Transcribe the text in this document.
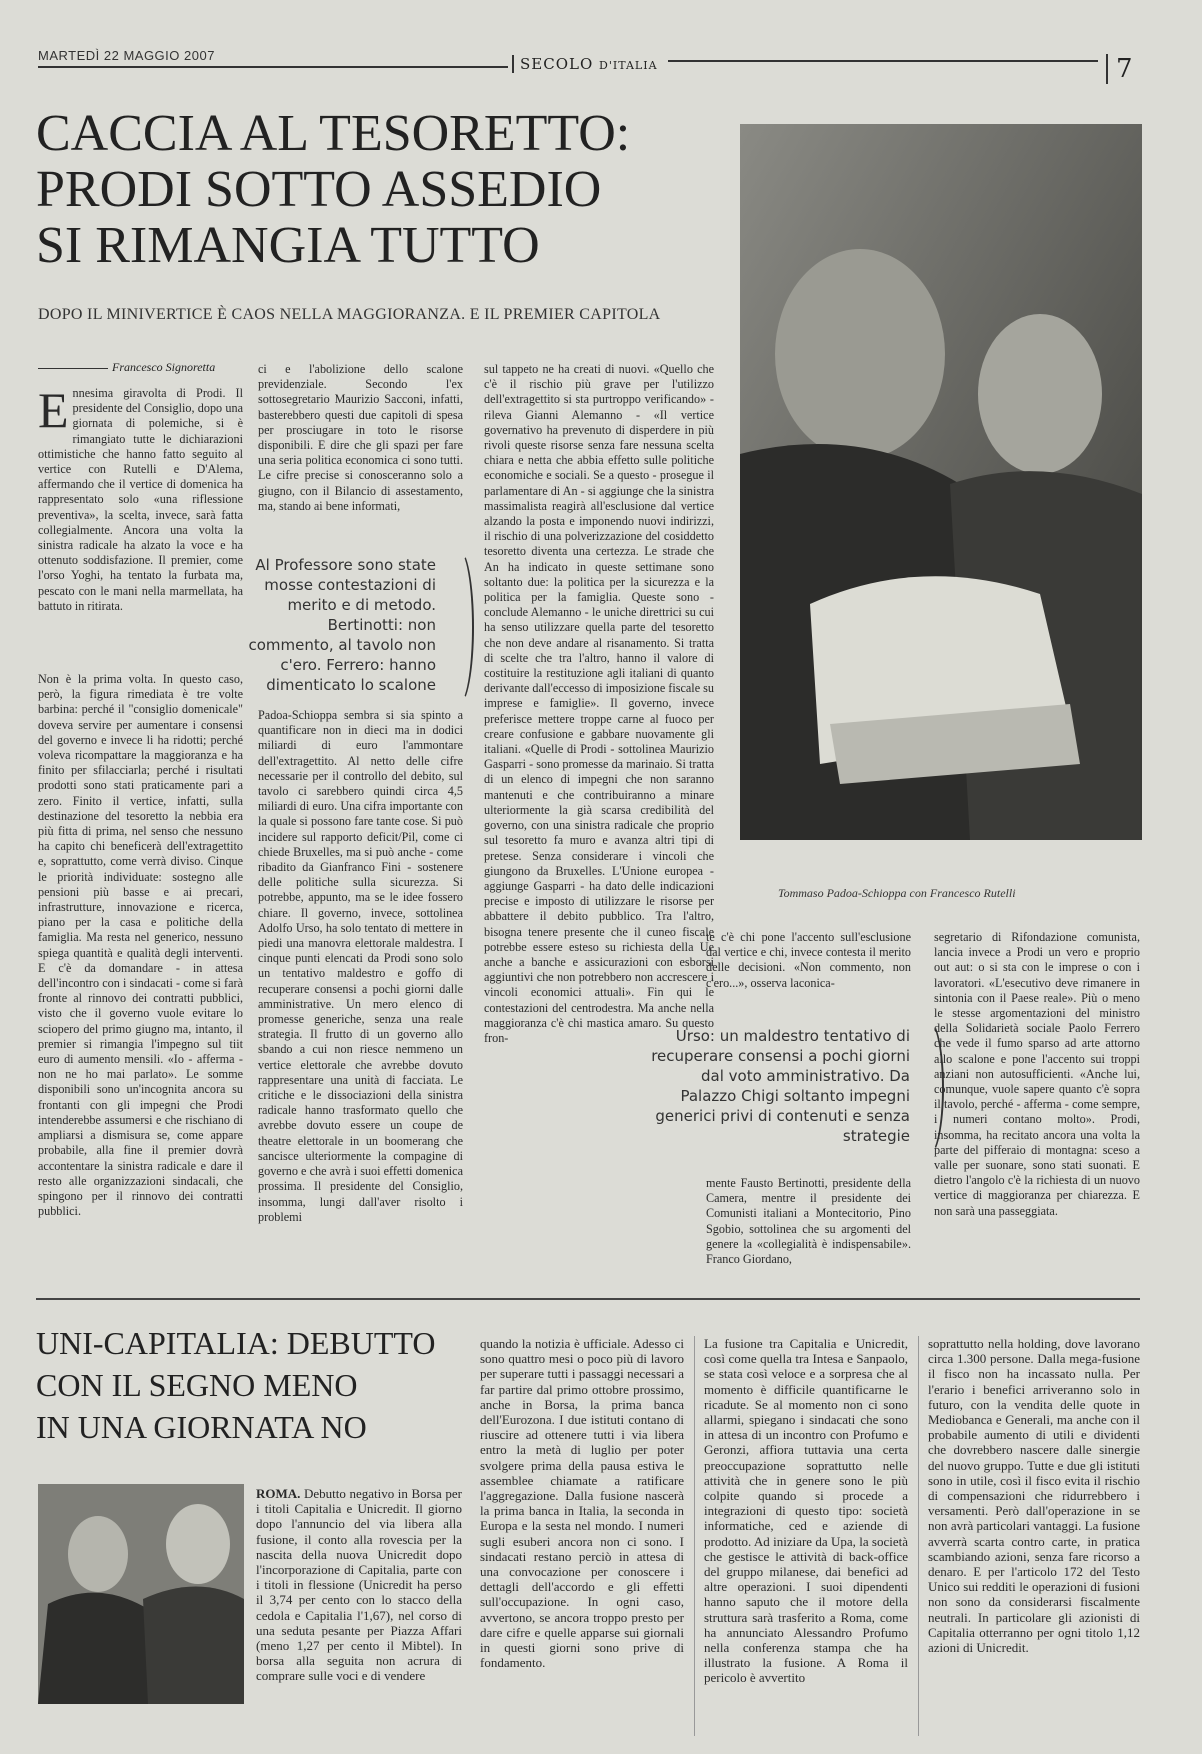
MARTEDÌ 22 MAGGIO 2007	SECOLO D'ITALIA	7
CACCIA AL TESORETTO:
PRODI SOTTO ASSEDIO
SI RIMANGIA TUTTO
DOPO IL MINIVERTICE È CAOS NELLA MAGGIORANZA. E IL PREMIER CAPITOLA
Tommaso Padoa-Schioppa con Francesco Rutelli
Francesco Signoretta
Ennesima giravolta di Prodi. Il presidente del Consiglio, dopo una giornata di polemiche, si è rimangiato tutte le dichiarazioni ottimistiche che hanno fatto seguito al vertice con Rutelli e D'Alema, affermando che il vertice di domenica ha rappresentato solo «una riflessione preventiva», la scelta, invece, sarà fatta collegialmente. Ancora una volta la sinistra radicale ha alzato la voce e ha ottenuto soddisfazione. Il premier, come l'orso Yoghi, ha tentato la furbata ma, pescato con le mani nella marmellata, ha battuto in ritirata.
Non è la prima volta. In questo caso, però, la figura rimediata è tre volte barbina: perché il "consiglio domenicale" doveva servire per aumentare i consensi del governo e invece li ha ridotti; perché voleva ricompattare la maggioranza e ha finito per sfilacciarla; perché i risultati prodotti sono stati praticamente pari a zero. Finito il vertice, infatti, sulla destinazione del tesoretto la nebbia era più fitta di prima, nel senso che nessuno ha capito chi beneficerà dell'extragettito e, soprattutto, come verrà diviso. Cinque le priorità individuate: sostegno alle pensioni più basse e ai precari, infrastrutture, innovazione e ricerca, piano per la casa e politiche della famiglia. Ma resta nel generico, nessuno spiega quantità e qualità degli interventi. E c'è da domandare - in attesa dell'incontro con i sindacati - come si farà fronte al rinnovo dei contratti pubblici, visto che il governo vuole evitare lo sciopero del primo giugno ma, intanto, il premier si rimangia l'impegno sul tiit euro di aumento mensili. «Io - afferma - non ne ho mai parlato». Le somme disponibili sono un'incognita ancora su frontanti con gli impegni che Prodi intenderebbe assumersi e che rischiano di ampliarsi a dismisura se, come appare probabile, alla fine il premier dovrà accontentare la sinistra radicale e dare il resto alle organizzazioni sindacali, che spingono per il rinnovo dei contratti pubblici.
ci e l'abolizione dello scalone previdenziale. Secondo l'ex sottosegretario Maurizio Sacconi, infatti, basterebbero questi due capitoli di spesa per prosciugare in toto le risorse disponibili. E dire che gli spazi per fare una seria politica economica ci sono tutti. Le cifre precise si conosceranno solo a giugno, con il Bilancio di assestamento, ma, stando ai bene informati,
Padoa-Schioppa sembra si sia spinto a quantificare non in dieci ma in dodici miliardi di euro l'ammontare dell'extragettito. Al netto delle cifre necessarie per il controllo del debito, sul tavolo ci sarebbero quindi circa 4,5 miliardi di euro. Una cifra importante con la quale si possono fare tante cose. Si può incidere sul rapporto deficit/Pil, come ci chiede Bruxelles, ma si può anche - come ribadito da Gianfranco Fini - sostenere delle politiche sulla sicurezza. Si potrebbe, appunto, ma se le idee fossero chiare. Il governo, invece, sottolinea Adolfo Urso, ha solo tentato di mettere in piedi una manovra elettorale maldestra. I cinque punti elencati da Prodi sono solo un tentativo maldestro e goffo di recuperare consensi a pochi giorni dalle amministrative. Un mero elenco di promesse generiche, senza una reale strategia. Il frutto di un governo allo sbando a cui non riesce nemmeno un vertice elettorale che avrebbe dovuto rappresentare una unità di facciata. Le critiche e le dissociazioni della sinistra radicale hanno trasformato quello che avrebbe dovuto essere un coupe de theatre elettorale in un boomerang che sancisce ulteriormente la compagine di governo e che avrà i suoi effetti domenica prossima. Il presidente del Consiglio, insomma, lungi dall'aver risolto i problemi
Al Professore sono state mosse contestazioni di merito e di metodo. Bertinotti: non commento, al tavolo non c'ero. Ferrero: hanno dimenticato lo scalone
sul tappeto ne ha creati di nuovi. «Quello che c'è il rischio più grave per l'utilizzo dell'extragettito si sta purtroppo verificando» - rileva Gianni Alemanno - «Il vertice governativo ha prevenuto di disperdere in più rivoli queste risorse senza fare nessuna scelta chiara e netta che abbia effetto sulle politiche economiche e sociali. Se a questo - prosegue il parlamentare di An - si aggiunge che la sinistra massimalista reagirà all'esclusione dal vertice alzando la posta e imponendo nuovi indirizzi, il rischio di una polverizzazione del cosiddetto tesoretto diventa una certezza. Le strade che An ha indicato in queste settimane sono soltanto due: la politica per la sicurezza e la politica per la famiglia. Queste sono - conclude Alemanno - le uniche direttrici su cui ha senso utilizzare quella parte del tesoretto che non deve andare al risanamento. Si tratta di scelte che tra l'altro, hanno il valore di costituire la restituzione agli italiani di quanto derivante dall'eccesso di imposizione fiscale su imprese e famiglie». Il governo, invece preferisce mettere troppe carne al fuoco per creare confusione e gabbare nuovamente gli italiani. «Quelle di Prodi - sottolinea Maurizio Gasparri - sono promesse da marinaio. Si tratta di un elenco di impegni che non saranno mantenuti e che contribuiranno a minare ulteriormente la già scarsa credibilità del governo, con una sinistra radicale che proprio sul tesoretto fa muro e avanza altri tipi di pretese. Senza considerare i vincoli che giungono da Bruxelles. L'Unione europea - aggiunge Gasparri - ha dato delle indicazioni precise e imposto di utilizzare le risorse per abbattere il debito pubblico. Tra l'altro, bisogna tenere presente che il cuneo fiscale potrebbe essere esteso su richiesta della Ue anche a banche e assicurazioni con esborsi aggiuntivi che non potrebbero non accrescere i vincoli economici attuali». Fin qui le contestazioni del centrodestra. Ma anche nella maggioranza c'è chi mastica amaro. Su questo fron-
te c'è chi pone l'accento sull'esclusione dal vertice e chi, invece contesta il merito delle decisioni. «Non commento, non c'ero...», osserva laconica-
Urso: un maldestro tentativo di recuperare consensi a pochi giorni dal voto amministrativo. Da Palazzo Chigi soltanto impegni generici privi di contenuti e senza strategie
mente Fausto Bertinotti, presidente della Camera, mentre il presidente dei Comunisti italiani a Montecitorio, Pino Sgobio, sottolinea che su argomenti del genere la «collegialità è indispensabile». Franco Giordano,
segretario di Rifondazione comunista, lancia invece a Prodi un vero e proprio out aut: o si sta con le imprese o con i lavoratori. «L'esecutivo deve rimanere in sintonia con il Paese reale». Più o meno le stesse argomentazioni del ministro della Solidarietà sociale Paolo Ferrero che vede il fumo sparso ad arte attorno allo scalone e pone l'accento sui troppi anziani non autosufficienti. «Anche lui, comunque, vuole sapere quanto c'è sopra il tavolo, perché - afferma - come sempre, i numeri contano molto». Prodi, insomma, ha recitato ancora una volta la parte del pifferaio di montagna: sceso a valle per suonare, sono stati suonati. E dietro l'angolo c'è la richiesta di un nuovo vertice di maggioranza per chiarezza. E non sarà una passeggiata.
UNI-CAPITALIA: DEBUTTO
CON IL SEGNO MENO
IN UNA GIORNATA NO
ROMA. Debutto negativo in Borsa per i titoli Capitalia e Unicredit. Il giorno dopo l'annuncio del via libera alla fusione, il conto alla rovescia per la nascita della nuova Unicredit dopo l'incorporazione di Capitalia, parte con i titoli in flessione (Unicredit ha perso il 3,74 per cento con lo stacco della cedola e Capitalia l'1,67), nel corso di una seduta pesante per Piazza Affari (meno 1,27 per cento il Mibtel). In borsa alla seguita non acrura di comprare sulle voci e di vendere
quando la notizia è ufficiale. Adesso ci sono quattro mesi o poco più di lavoro per superare tutti i passaggi necessari a far partire dal primo ottobre prossimo, anche in Borsa, la prima banca dell'Eurozona. I due istituti contano di riuscire ad ottenere tutti i via libera entro la metà di luglio per poter svolgere prima della pausa estiva le assemblee chiamate a ratificare l'aggregazione. Dalla fusione nascerà la prima banca in Italia, la seconda in Europa e la sesta nel mondo. I numeri sugli esuberi ancora non ci sono. I sindacati restano perciò in attesa di una convocazione per conoscere i dettagli dell'accordo e gli effetti sull'occupazione. In ogni caso, avvertono, se ancora troppo presto per dare cifre e quelle apparse sui giornali in questi giorni sono prive di fondamento.
La fusione tra Capitalia e Unicredit, così come quella tra Intesa e Sanpaolo, se stata così veloce e a sorpresa che al momento è difficile quantificarne le ricadute. Se al momento non ci sono allarmi, spiegano i sindacati che sono in attesa di un incontro con Profumo e Geronzi, affiora tuttavia una certa preoccupazione soprattutto nelle attività che in genere sono le più colpite quando si procede a integrazioni di questo tipo: società informatiche, ced e aziende di prodotto. Ad iniziare da Upa, la società che gestisce le attività di back-office del gruppo milanese, dai benefici ad altre operazioni. I suoi dipendenti hanno saputo che il motore della struttura sarà trasferito a Roma, come ha annunciato Alessandro Profumo nella conferenza stampa che ha illustrato la fusione. A Roma il pericolo è avvertito
soprattutto nella holding, dove lavorano circa 1.300 persone. Dalla mega-fusione il fisco non ha incassato nulla. Per l'erario i benefici arriveranno solo in futuro, con la vendita delle quote in Mediobanca e Generali, ma anche con il probabile aumento di utili e dividenti che dovrebbero nascere dalle sinergie del nuovo gruppo. Tutte e due gli istituti sono in utile, così il fisco evita il rischio di compensazioni che ridurrebbero i versamenti. Però dall'operazione in se non avrà particolari vantaggi. La fusione avverrà scarta contro carte, in pratica scambiando azioni, senza fare ricorso a denaro. E per l'articolo 172 del Testo Unico sui redditi le operazioni di fusioni non sono da considerarsi fiscalmente neutrali. In particolare gli azionisti di Capitalia otterranno per ogni titolo 1,12 azioni di Unicredit.
